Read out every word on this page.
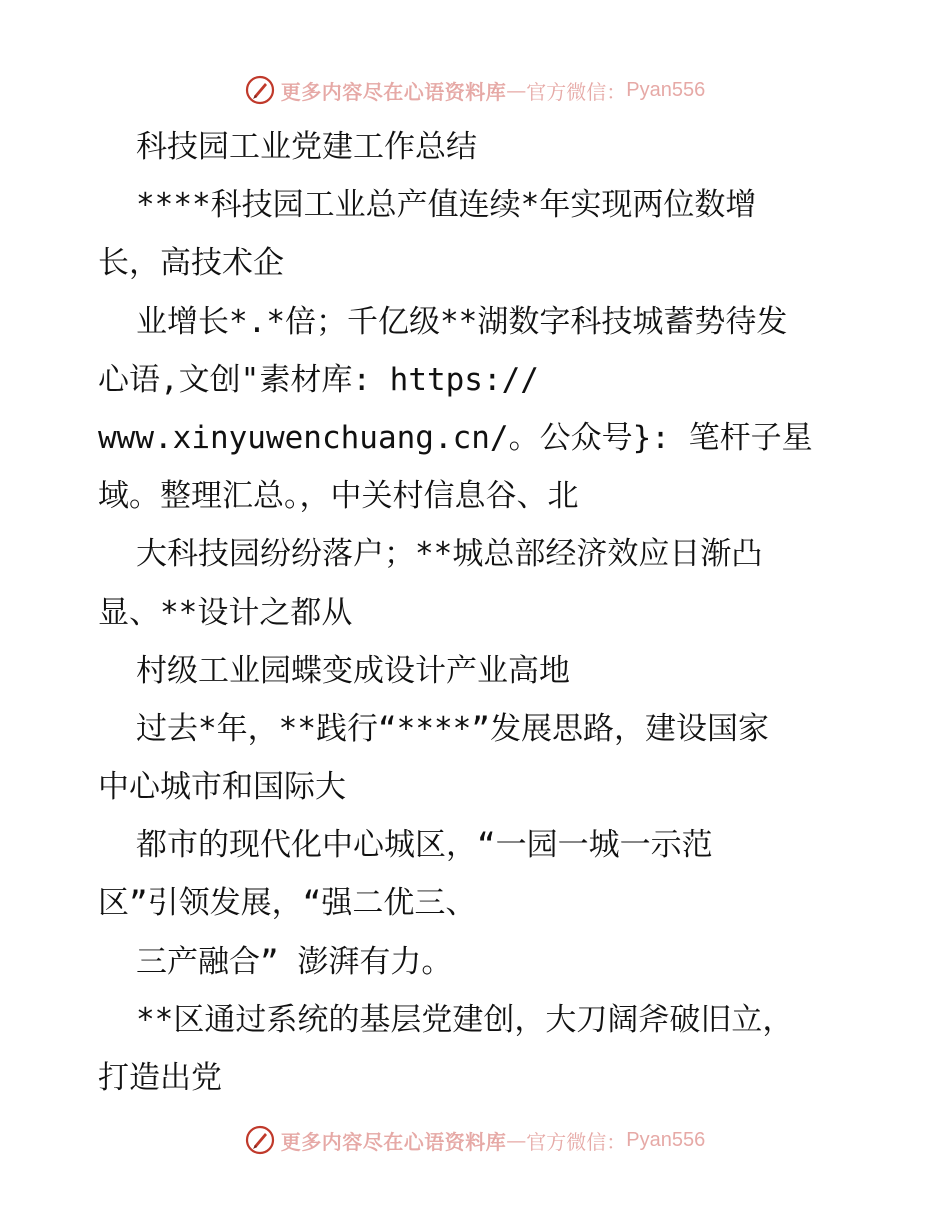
更多内容尽在心语资料库 — 官方微信： Pyan556
科技园工业党建工作总结
****科技园工业总产值连续*年实现两位数增
长，高技术企
业增长*.*倍；千亿级**湖数字科技城蓄势待发
心语,文创"素材库: https://
www.xinyuwenchuang.cn/。公众号}: 笔杆子星
域。整理汇总。，中关村信息谷、北
大科技园纷纷落户；**城总部经济效应日渐凸
显、**设计之都从
村级工业园蝶变成设计产业高地
过去*年，**践行“****”发展思路，建设国家
中心城市和国际大
都市的现代化中心城区，“一园一城一示范
区”引领发展，“强二优三、
三产融合” 澎湃有力。
**区通过系统的基层党建创，大刀阔斧破旧立，
打造出党
更多内容尽在心语资料库 — 官方微信： Pyan556
